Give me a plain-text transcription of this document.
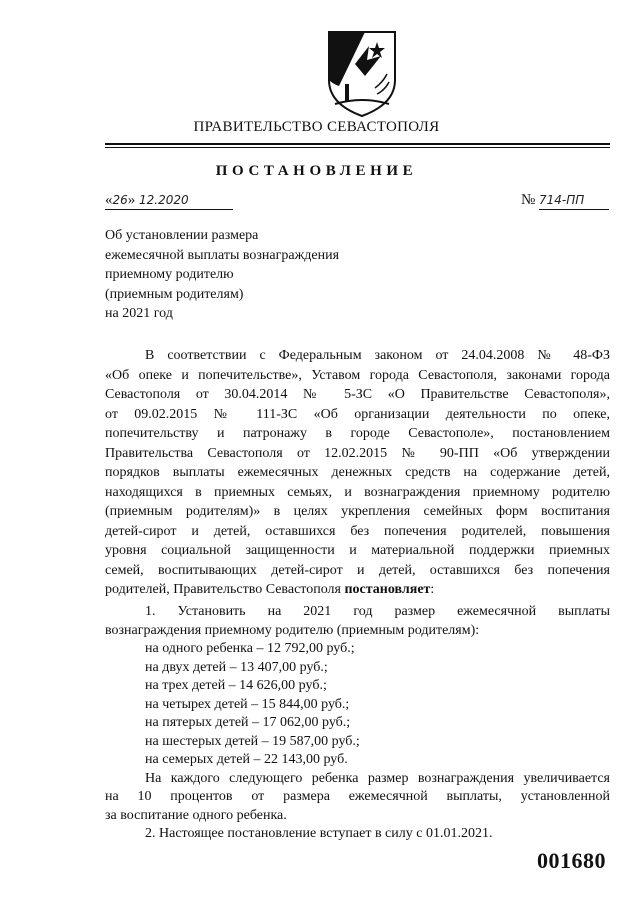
ПРАВИТЕЛЬСТВО СЕВАСТОПОЛЯ
ПОСТАНОВЛЕНИЕ
«26» 12.2020	№ 714-ПП
Об установлении размера
ежемесячной выплаты вознаграждения
приемному родителю
(приемным родителям)
на 2021 год
В соответствии с Федеральным законом от 24.04.2008 № 48-ФЗ
«Об опеке и попечительстве», Уставом города Севастополя, законами города
Севастополя от 30.04.2014 № 5-ЗС «О Правительстве Севастополя»,
от 09.02.2015 № 111-ЗС «Об организации деятельности по опеке,
попечительству и патронажу в городе Севастополе», постановлением
Правительства Севастополя от 12.02.2015 № 90-ПП «Об утверждении
порядков выплаты ежемесячных денежных средств на содержание детей,
находящихся в приемных семьях, и вознаграждения приемному родителю
(приемным родителям)» в целях укрепления семейных форм воспитания
детей-сирот и детей, оставшихся без попечения родителей, повышения
уровня социальной защищенности и материальной поддержки приемных
семей, воспитывающих детей-сирот и детей, оставшихся без попечения
родителей, Правительство Севастополя постановляет:
1. Установить на 2021 год размер ежемесячной выплаты
вознаграждения приемному родителю (приемным родителям):
на одного ребенка – 12 792,00 руб.;
на двух детей – 13 407,00 руб.;
на трех детей – 14 626,00 руб.;
на четырех детей – 15 844,00 руб.;
на пятерых детей – 17 062,00 руб.;
на шестерых детей – 19 587,00 руб.;
на семерых детей – 22 143,00 руб.
На каждого следующего ребенка размер вознаграждения увеличивается
на 10 процентов от размера ежемесячной выплаты, установленной
за воспитание одного ребенка.
2. Настоящее постановление вступает в силу с 01.01.2021.
001680
